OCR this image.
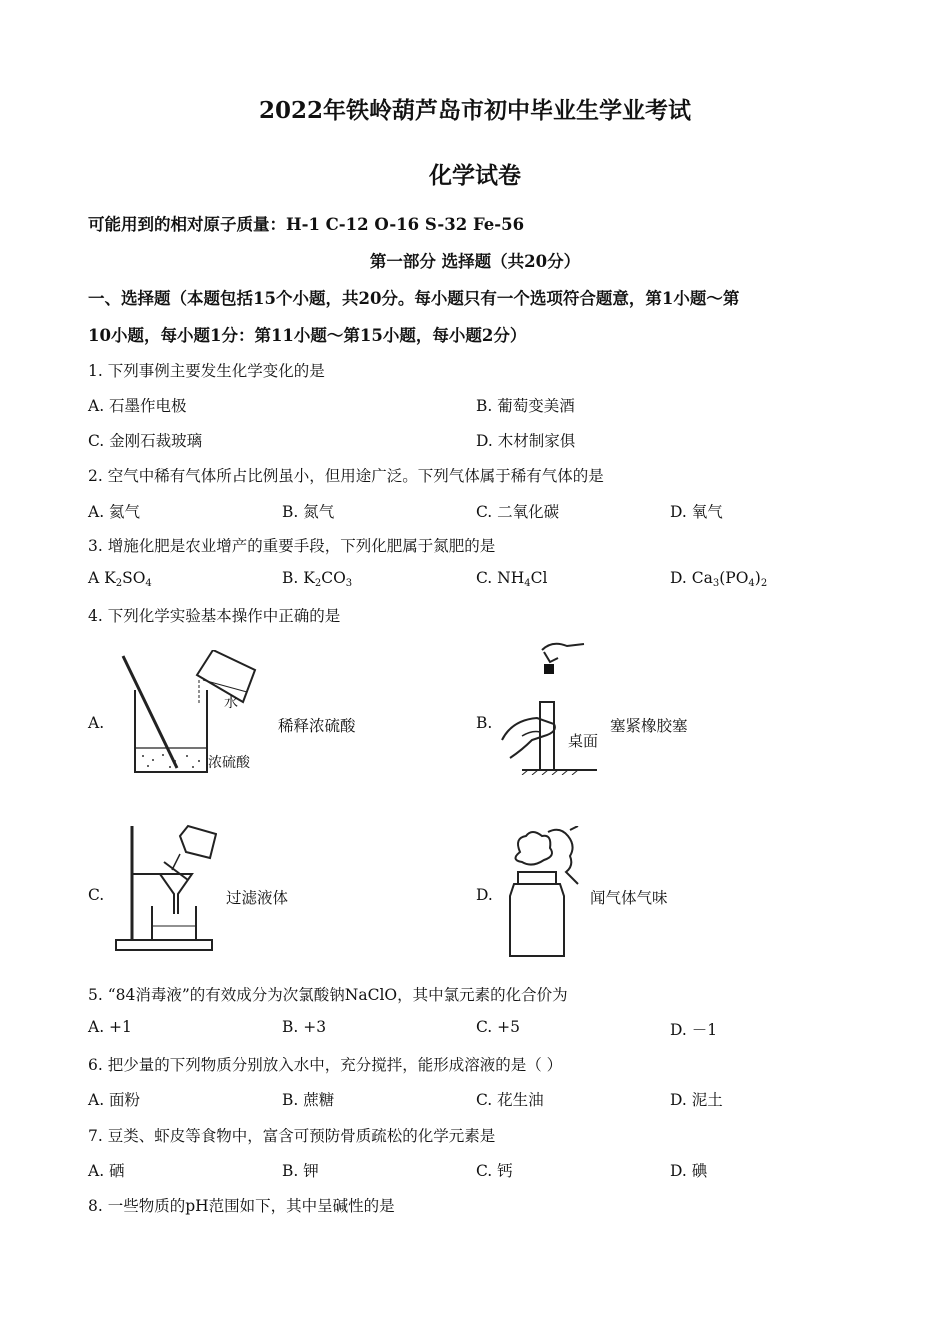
2022年铁岭葫芦岛市初中毕业生学业考试
化学试卷
可能用到的相对原子质量：H-1 C-12 O-16 S-32 Fe-56
第一部分 选择题（共20分）
一、选择题（本题包括15个小题，共20分。每小题只有一个选项符合题意，第1小题～第
10小题，每小题1分：第11小题～第15小题，每小题2分）
1. 下列事例主要发生化学变化的是
A. 石墨作电极	B. 葡萄变美酒
C. 金刚石裁玻璃	D. 木材制家俱
2. 空气中稀有气体所占比例虽小，但用途广泛。下列气体属于稀有气体的是
A. 氦气	B. 氮气	C. 二氧化碳	D. 氧气
3. 增施化肥是农业增产的重要手段，下列化肥属于氮肥的是
A $K_2SO_4$	B. $K_2CO_3$	C. $NH_4Cl$	D. $Ca_3(PO_4)_2$
4. 下列化学实验基本操作中正确的是
A.
水
浓硫酸
稀释浓硫酸	B.
桌面
塞紧橡胶塞
C.	过滤液体	D.	闻气体气味
5. “84消毒液”的有效成分为次氯酸钠NaClO，其中氯元素的化合价为
A. +1	B. +3	C. +5	D. －1
6. 把少量的下列物质分别放入水中，充分搅拌，能形成溶液的是（ ）
A. 面粉	B. 蔗糖	C. 花生油	D. 泥土
7. 豆类、虾皮等食物中，富含可预防骨质疏松的化学元素是
A. 硒	B. 钾	C. 钙	D. 碘
8. 一些物质的pH范围如下，其中呈碱性的是
